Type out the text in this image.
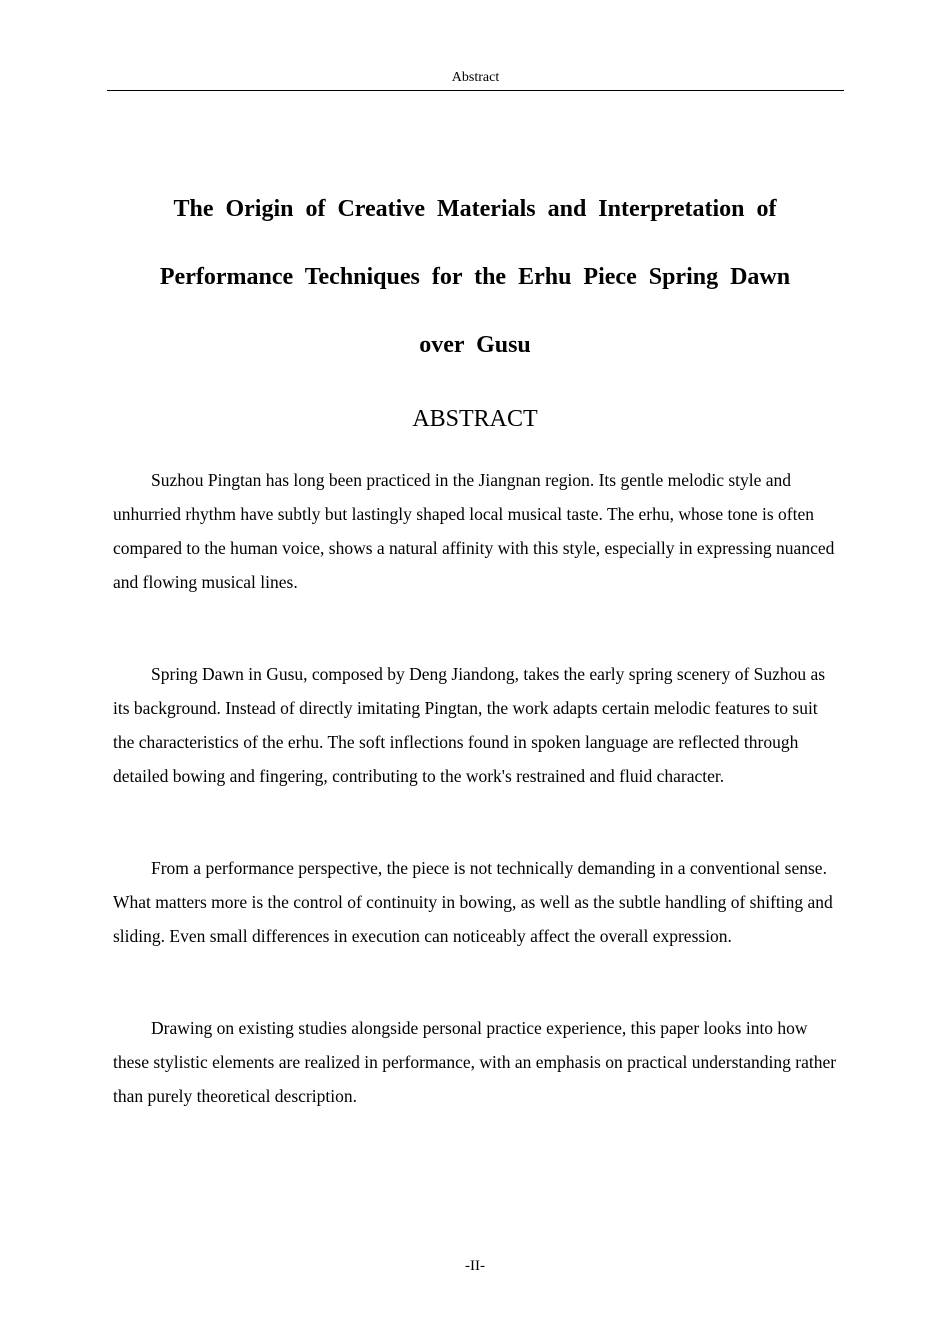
Abstract
The Origin of Creative Materials and Interpretation of Performance Techniques for the Erhu Piece Spring Dawn over Gusu
ABSTRACT

Suzhou Pingtan has long been practiced in the Jiangnan region. Its gentle melodic style and unhurried rhythm have subtly but lastingly shaped local musical taste. The erhu, whose tone is often compared to the human voice, shows a natural affinity with this style, especially in expressing nuanced and flowing musical lines.

Spring Dawn in Gusu, composed by Deng Jiandong, takes the early spring scenery of Suzhou as its background. Instead of directly imitating Pingtan, the work adapts certain melodic features to suit the characteristics of the erhu. The soft inflections found in spoken language are reflected through detailed bowing and fingering, contributing to the work's restrained and fluid character.

From a performance perspective, the piece is not technically demanding in a conventional sense. What matters more is the control of continuity in bowing, as well as the subtle handling of shifting and sliding. Even small differences in execution can noticeably affect the overall expression.

Drawing on existing studies alongside personal practice experience, this paper looks into how these stylistic elements are realized in performance, with an emphasis on practical understanding rather than purely theoretical description.

-II-
